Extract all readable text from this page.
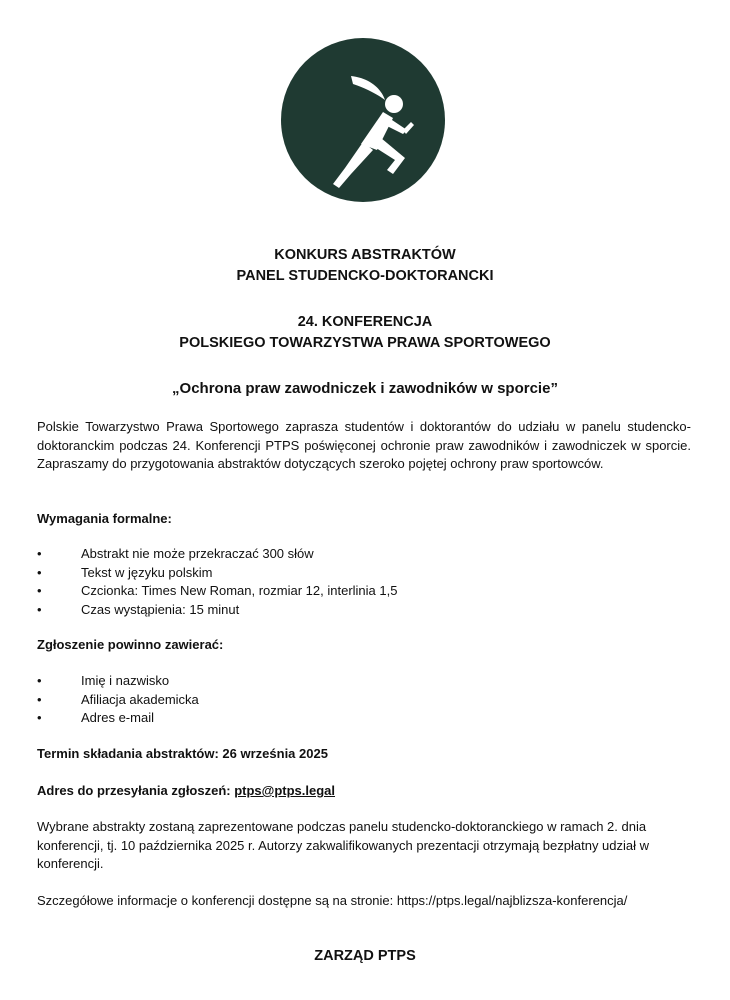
KONKURS ABSTRAKTÓW
PANEL STUDENCKO-DOKTORANCKI
24. KONFERENCJA
POLSKIEGO TOWARZYSTWA PRAWA SPORTOWEGO
„Ochrona praw zawodniczek i zawodników w sporcie”

Polskie Towarzystwo Prawa Sportowego zaprasza studentów i doktorantów do udziału w panelu studencko-doktoranckim podczas 24. Konferencji PTPS poświęconej ochronie praw zawodników i zawodniczek w sporcie. Zapraszamy do przygotowania abstraktów dotyczących szeroko pojętej ochrony praw sportowców.

Wymagania formalne:
•	Abstrakt nie może przekraczać 300 słów
•	Tekst w języku polskim
•	Czcionka: Times New Roman, rozmiar 12, interlinia 1,5
•	Czas wystąpienia: 15 minut
Zgłoszenie powinno zawierać:
•	Imię i nazwisko
•	Afiliacja akademicka
•	Adres e-mail
Termin składania abstraktów: 26 września 2025
Adres do przesyłania zgłoszeń: ptps@ptps.legal

Wybrane abstrakty zostaną zaprezentowane podczas panelu studencko-doktoranckiego w ramach 2. dnia konferencji, tj. 10 października 2025 r. Autorzy zakwalifikowanych prezentacji otrzymają bezpłatny udział w konferencji.

Szczegółowe informacje o konferencji dostępne są na stronie: https://ptps.legal/najblizsza-konferencja/

ZARZĄD PTPS
